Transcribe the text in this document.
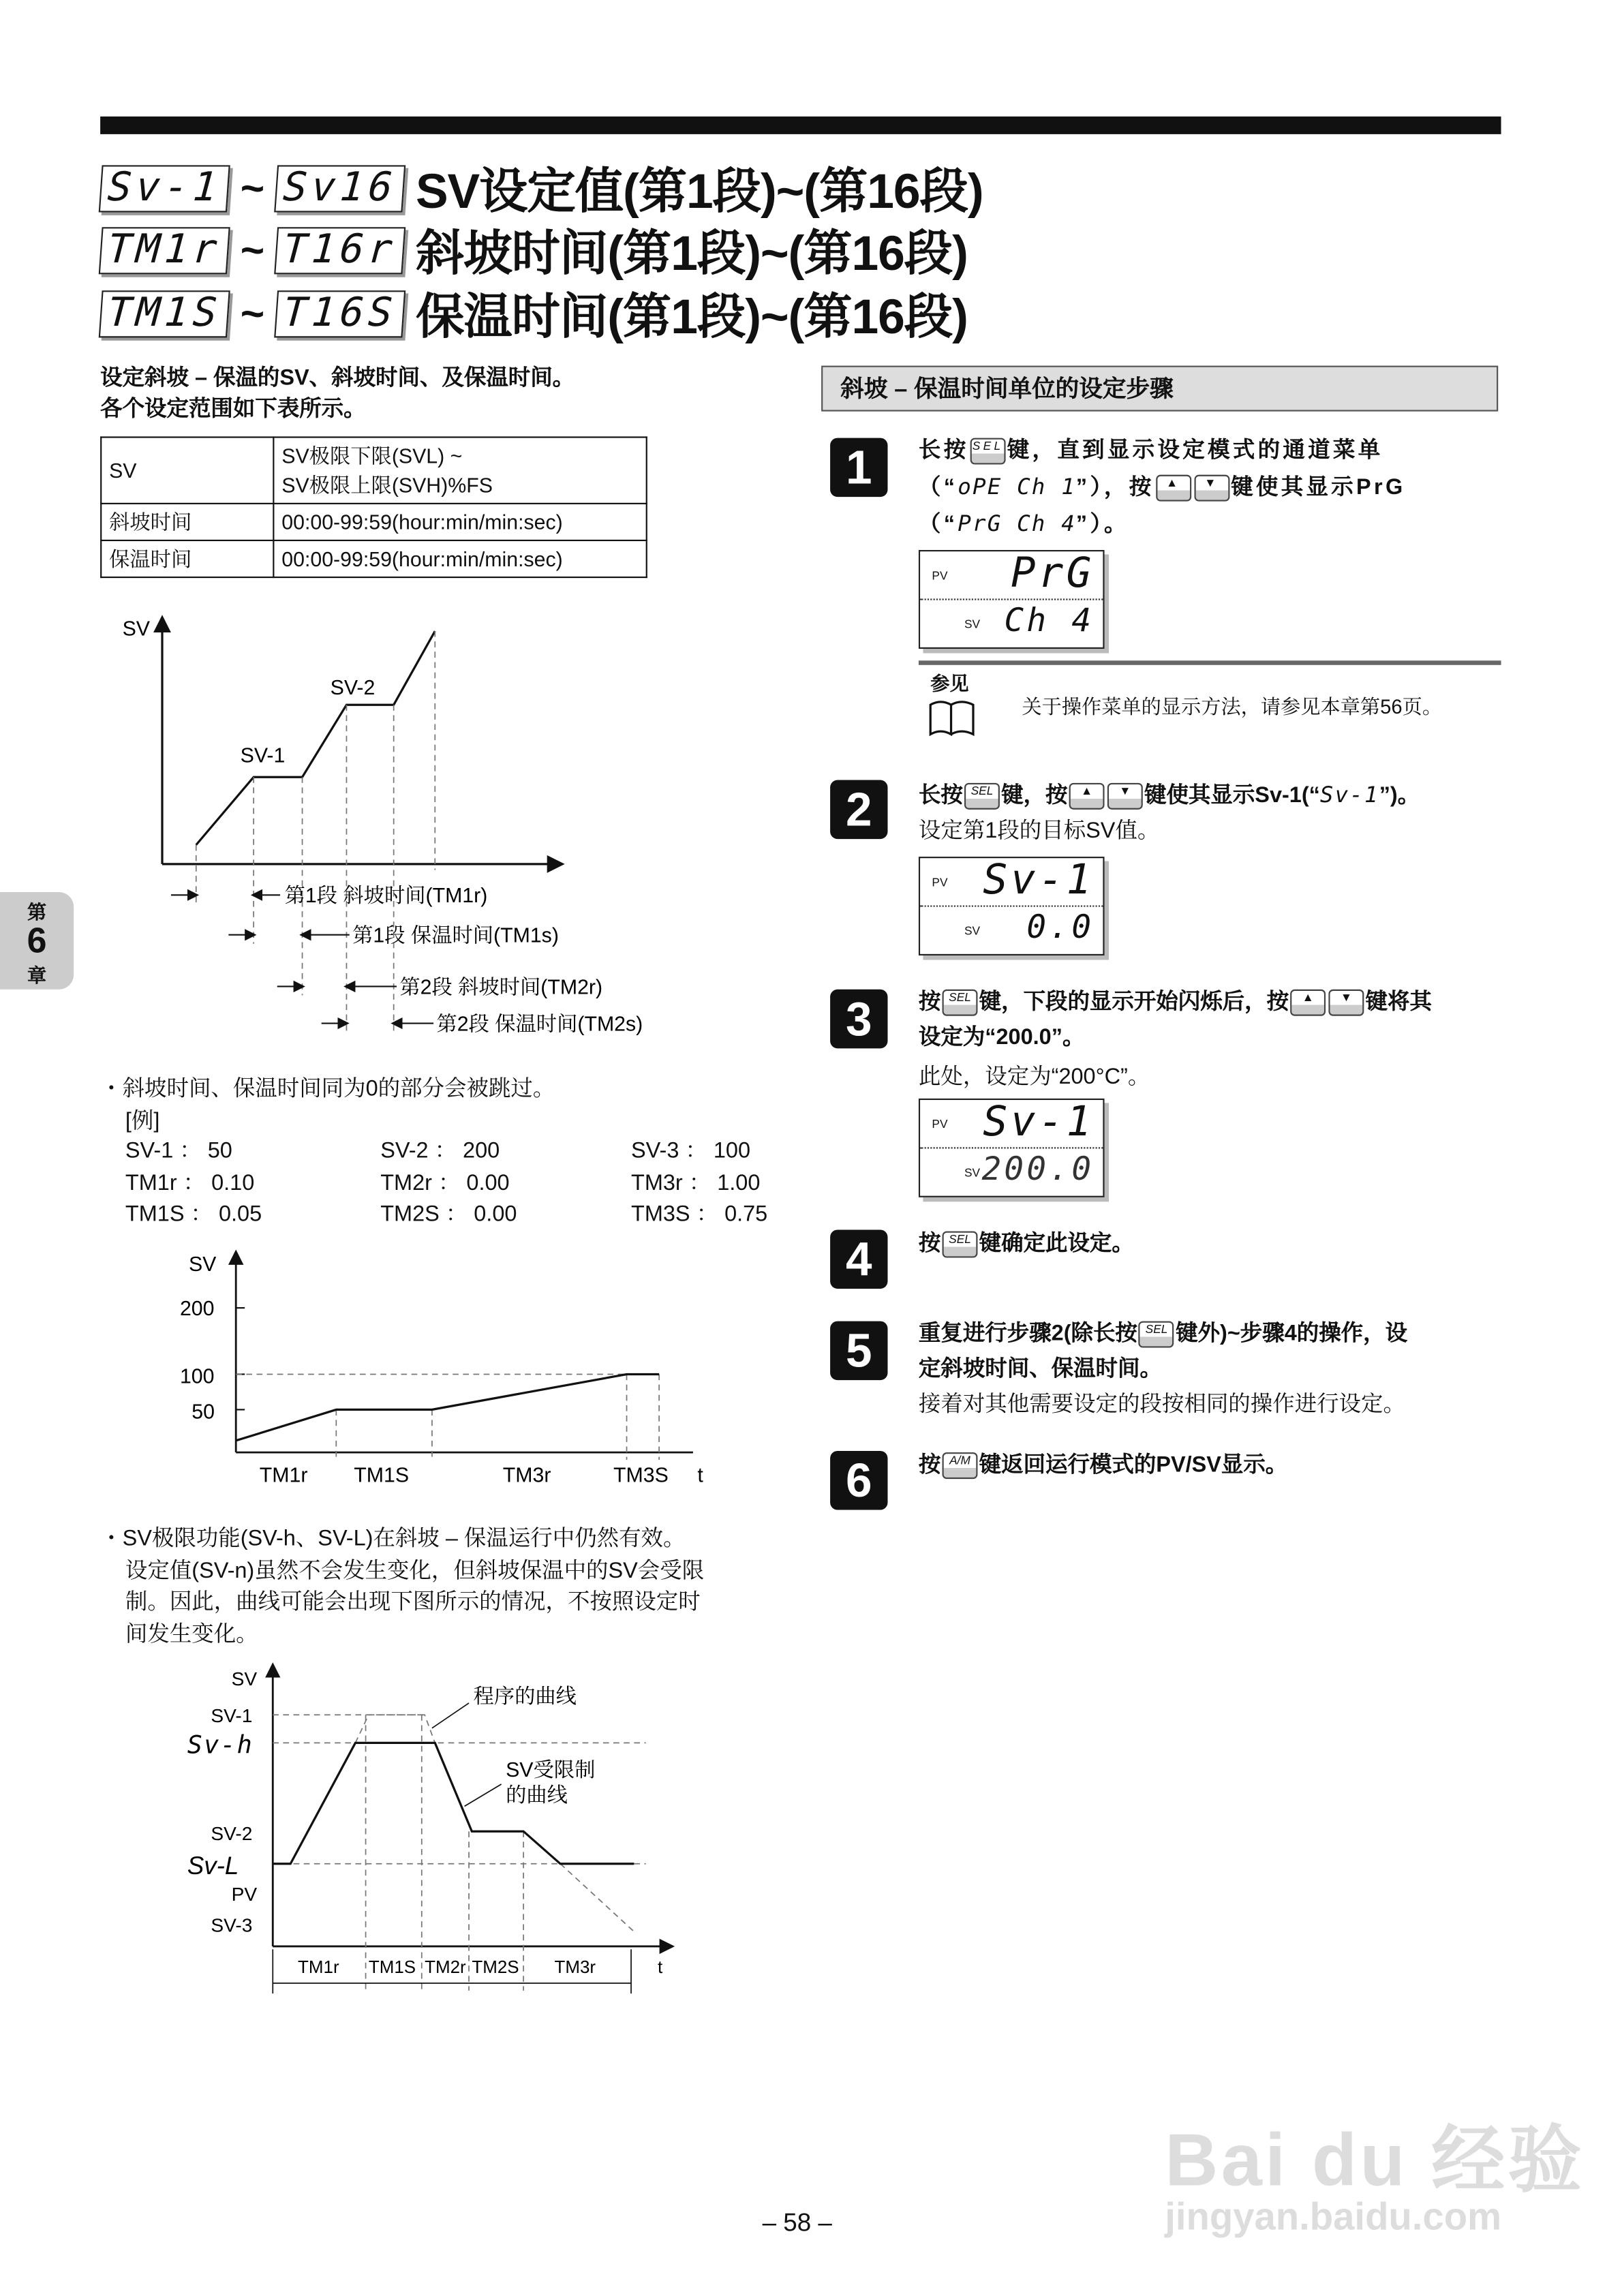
Sv-1 ~ Sv16 SV设定值(第1段)~(第16段)
TM1r ~ T16r 斜坡时间(第1段)~(第16段)
TM1S ~ T16S 保温时间(第1段)~(第16段)
设定斜坡 – 保温的SV、斜坡时间、及保温时间。
各个设定范围如下表所示。
SV	SV极限下限(SVL) ~
SV极限上限(SVH)%FS

斜坡时间	00:00-99:59(hour:min/min:sec)
保温时间	00:00-99:59(hour:min/min:sec)
SV
SV-1
SV-2
第1段 斜坡时间(TM1r)
第1段 保温时间(TM1s)
第2段 斜坡时间(TM2r)
第2段 保温时间(TM2s)
SV
200
100
50
TM1r	TM1S	TM3r	TM3S	t
SV
SV-1
Sv-h
SV-2
Sv-L
PV
SV-3
程序的曲线
SV受限制
的曲线
TM1r	TM1S TM2r TM2S	TM3r	t
・斜坡时间、保温时间同为0的部分会被跳过。
[例]
SV-1 ： 50	SV-2 ： 200	SV-3 ： 100
TM1r ： 0.10	TM2r ： 0.00	TM3r ： 1.00
TM1S ： 0.05	TM2S ： 0.00	TM3S ： 0.75
・SV极限功能(SV-h、SV-L)在斜坡 – 保温运行中仍然有效。
设定值(SV-n)虽然不会发生变化，但斜坡保温中的SV会受限
制。因此，曲线可能会出现下图所示的情况，不按照设定时
间发生变化。
斜坡 – 保温时间单位的设定步骤
1	长按 SEL 键，直到显示设定模式的通道菜单
（“oPE Ch 1”），按 ▲	▼ 键使其显示PrG
（“PrG Ch 4”）。
PV	PrG
SV Ch 4
参见
关于操作菜单的显示方法，请参见本章第56页。
2	长按 SEL 键，按 ▲	▼ 键使其显示Sv-1(“Sv-1”)。
设定第1段的目标SV值。
PV Sv-1
SV	0.0
3	按 SEL 键，下段的显示开始闪烁后，按 ▲	▼ 键将其
设定为“200.0”。
此处，设定为“200°C”。
PV Sv-1
SV 200.0
4	按 SEL 键确定此设定。
5	重复进行步骤2(除长按 SEL 键外)~步骤4的操作，设
定斜坡时间、保温时间。
接着对其他需要设定的段按相同的操作进行设定。
6	按 A/M 键返回运行模式的PV/SV显示。
第
6
章
– 58 –
Bai du 经验
jingyan.baidu.com
